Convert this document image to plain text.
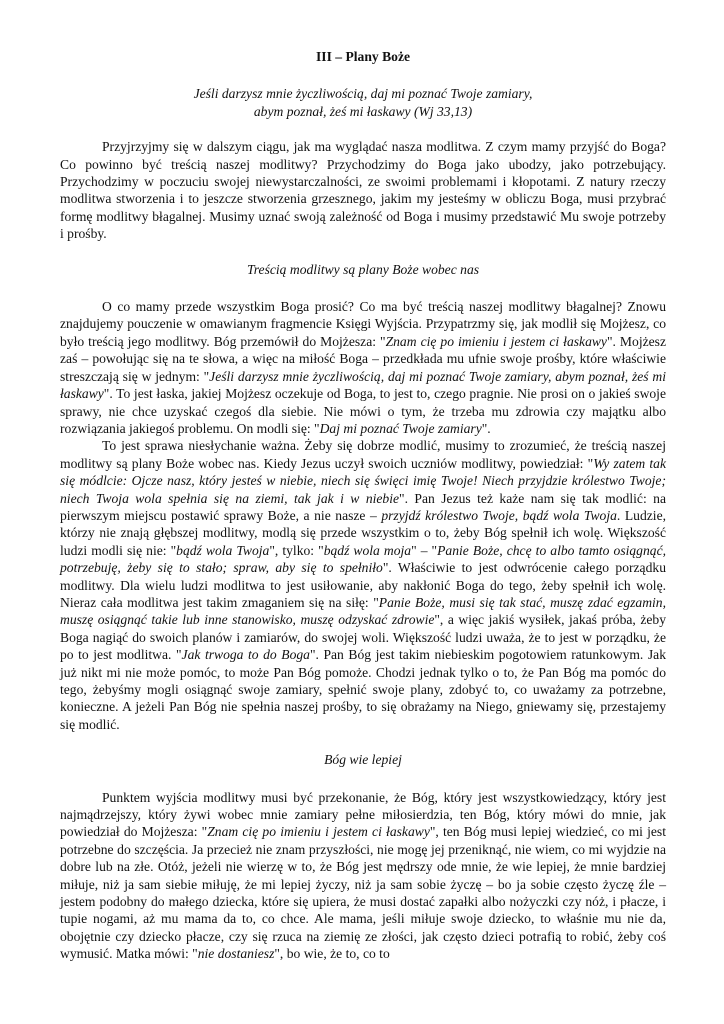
III – Plany Boże
Jeśli darzysz mnie życzliwością, daj mi poznać Twoje zamiary,
abym poznał, żeś mi łaskawy (Wj 33,13)

Przyjrzyjmy się w dalszym ciągu, jak ma wyglądać nasza modlitwa. Z czym mamy przyjść do Boga? Co powinno być treścią naszej modlitwy? Przychodzimy do Boga jako ubodzy, jako potrzebujący. Przychodzimy w poczuciu swojej niewystarczalności, ze swoimi problemami i kłopotami. Z natury rzeczy modlitwa stworzenia i to jeszcze stworzenia grzesznego, jakim my jesteśmy w obliczu Boga, musi przybrać formę modlitwy błagalnej. Musimy uznać swoją zależność od Boga i musimy przedstawić Mu swoje potrzeby i prośby.

Treścią modlitwy są plany Boże wobec nas

O co mamy przede wszystkim Boga prosić? Co ma być treścią naszej modlitwy błagalnej? Znowu znajdujemy pouczenie w omawianym fragmencie Księgi Wyjścia. Przypatrzmy się, jak modlił się Mojżesz, co było treścią jego modlitwy. Bóg przemówił do Mojżesza: "Znam cię po imieniu i jestem ci łaskawy". Mojżesz zaś – powołując się na te słowa, a więc na miłość Boga – przedkłada mu ufnie swoje prośby, które właściwie streszczają się w jednym: "Jeśli darzysz mnie życzliwością, daj mi poznać Twoje zamiary, abym poznał, żeś mi łaskawy". To jest łaska, jakiej Mojżesz oczekuje od Boga, to jest to, czego pragnie. Nie prosi on o jakieś swoje sprawy, nie chce uzyskać czegoś dla siebie. Nie mówi o tym, że trzeba mu zdrowia czy majątku albo rozwiązania jakiegoś problemu. On modli się: "Daj mi poznać Twoje zamiary".

To jest sprawa niesłychanie ważna. Żeby się dobrze modlić, musimy to zrozumieć, że treścią naszej modlitwy są plany Boże wobec nas. Kiedy Jezus uczył swoich uczniów modlitwy, powiedział: "Wy zatem tak się módlcie: Ojcze nasz, który jesteś w niebie, niech się święci imię Twoje! Niech przyjdzie królestwo Twoje; niech Twoja wola spełnia się na ziemi, tak jak i w niebie". Pan Jezus też każe nam się tak modlić: na pierwszym miejscu postawić sprawy Boże, a nie nasze – przyjdź królestwo Twoje, bądź wola Twoja. Ludzie, którzy nie znają głębszej modlitwy, modlą się przede wszystkim o to, żeby Bóg spełnił ich wolę. Większość ludzi modli się nie: "bądź wola Twoja", tylko: "bądź wola moja" – "Panie Boże, chcę to albo tamto osiągnąć, potrzebuję, żeby się to stało; spraw, aby się to spełniło". Właściwie to jest odwrócenie całego porządku modlitwy. Dla wielu ludzi modlitwa to jest usiłowanie, aby nakłonić Boga do tego, żeby spełnił ich wolę. Nieraz cała modlitwa jest takim zmaganiem się na siłę: "Panie Boże, musi się tak stać, muszę zdać egzamin, muszę osiągnąć takie lub inne stanowisko, muszę odzyskać zdrowie", a więc jakiś wysiłek, jakaś próba, żeby Boga nagiąć do swoich planów i zamiarów, do swojej woli. Większość ludzi uważa, że to jest w porządku, że po to jest modlitwa. "Jak trwoga to do Boga". Pan Bóg jest takim niebieskim pogotowiem ratunkowym. Jak już nikt mi nie może pomóc, to może Pan Bóg pomoże. Chodzi jednak tylko o to, że Pan Bóg ma pomóc do tego, żebyśmy mogli osiągnąć swoje zamiary, spełnić swoje plany, zdobyć to, co uważamy za potrzebne, konieczne. A jeżeli Pan Bóg nie spełnia naszej prośby, to się obrażamy na Niego, gniewamy się, przestajemy się modlić.

Bóg wie lepiej

Punktem wyjścia modlitwy musi być przekonanie, że Bóg, który jest wszystkowiedzący, który jest najmądrzejszy, który żywi wobec mnie zamiary pełne miłosierdzia, ten Bóg, który mówi do mnie, jak powiedział do Mojżesza: "Znam cię po imieniu i jestem ci łaskawy", ten Bóg musi lepiej wiedzieć, co mi jest potrzebne do szczęścia. Ja przecież nie znam przyszłości, nie mogę jej przeniknąć, nie wiem, co mi wyjdzie na dobre lub na złe. Otóż, jeżeli nie wierzę w to, że Bóg jest mędrszy ode mnie, że wie lepiej, że mnie bardziej miłuje, niż ja sam siebie miłuję, że mi lepiej życzy, niż ja sam sobie życzę – bo ja sobie często życzę źle – jestem podobny do małego dziecka, które się upiera, że musi dostać zapałki albo nożyczki czy nóż, i płacze, i tupie nogami, aż mu mama da to, co chce. Ale mama, jeśli miłuje swoje dziecko, to właśnie mu nie da, obojętnie czy dziecko płacze, czy się rzuca na ziemię ze złości, jak często dzieci potrafią to robić, żeby coś wymusić. Matka mówi: "nie dostaniesz", bo wie, że to, co to
